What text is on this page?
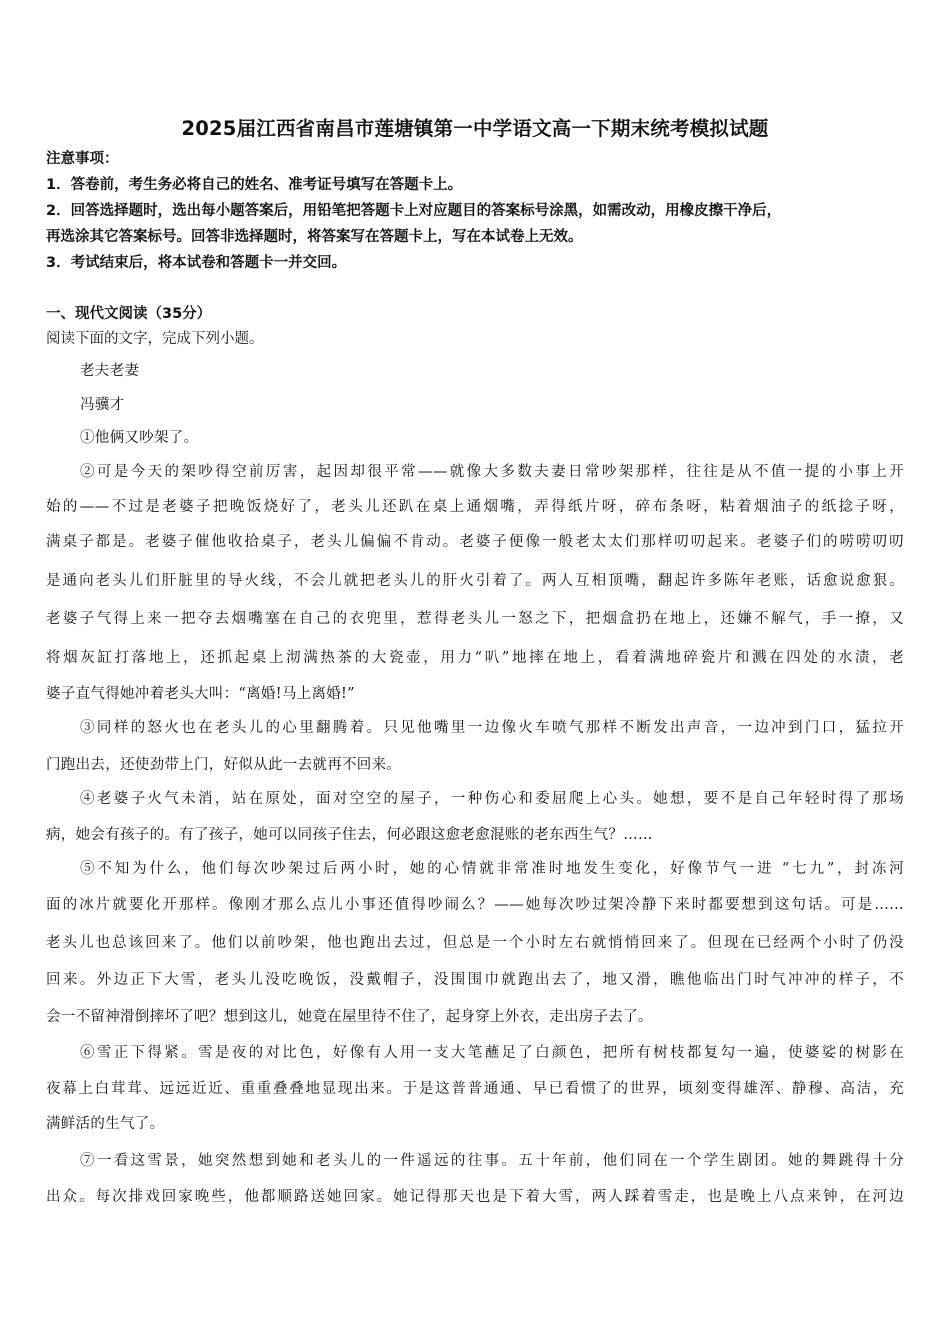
2025届江西省南昌市莲塘镇第一中学语文高一下期末统考模拟试题
注意事项：
1．答卷前，考生务必将自己的姓名、准考证号填写在答题卡上。
2．回答选择题时，选出每小题答案后，用铅笔把答题卡上对应题目的答案标号涂黑，如需改动，用橡皮擦干净后，
再选涂其它答案标号。回答非选择题时，将答案写在答题卡上，写在本试卷上无效。
3．考试结束后，将本试卷和答题卡一并交回。
一、现代文阅读（35分）
阅读下面的文字，完成下列小题。
老夫老妻
冯骥才
①他俩又吵架了。
②可是今天的架吵得空前厉害，起因却很平常——就像大多数夫妻日常吵架那样，往往是从不值一提的小事上开
始的——不过是老婆子把晚饭烧好了，老头儿还趴在桌上通烟嘴，弄得纸片呀，碎布条呀，粘着烟油子的纸捻子呀，
满桌子都是。老婆子催他收拾桌子，老头儿偏偏不肯动。老婆子便像一般老太太们那样叨叨起来。老婆子们的唠唠叨叨
是通向老头儿们肝脏里的导火线，不会儿就把老头儿的肝火引着了。两人互相顶嘴，翻起许多陈年老账，话愈说愈狠。
老婆子气得上来一把夺去烟嘴塞在自己的衣兜里，惹得老头儿一怒之下，把烟盒扔在地上，还嫌不解气，手一撩，又
将烟灰缸打落地上，还抓起桌上沏满热茶的大瓷壶，用力“叭”地摔在地上，看着满地碎瓷片和溅在四处的水渍，老
婆子直气得她冲着老头大叫：“离婚!马上离婚!”
③同样的怒火也在老头儿的心里翻腾着。只见他嘴里一边像火车喷气那样不断发出声音，一边冲到门口，猛拉开
门跑出去，还使劲带上门，好似从此一去就再不回来。
④老婆子火气未消，站在原处，面对空空的屋子，一种伤心和委屈爬上心头。她想，要不是自己年轻时得了那场
病，她会有孩子的。有了孩子，她可以同孩子住去，何必跟这愈老愈混账的老东西生气？……
⑤不知为什么，他们每次吵架过后两小时，她的心情就非常准时地发生变化，好像节气一进 “七九”，封冻河
面的冰片就要化开那样。像刚才那么点儿小事还值得吵闹么？——她每次吵过架冷静下来时都要想到这句话。可是……
老头儿也总该回来了。他们以前吵架，他也跑出去过，但总是一个小时左右就悄悄回来了。但现在已经两个小时了仍没
回来。外边正下大雪，老头儿没吃晚饭，没戴帽子，没围围巾就跑出去了，地又滑，瞧他临出门时气冲冲的样子，不
会一不留神滑倒摔坏了吧？想到这儿，她竟在屋里待不住了，起身穿上外衣，走出房子去了。
⑥雪正下得紧。雪是夜的对比色，好像有人用一支大笔蘸足了白颜色，把所有树枝都复勾一遍，使婆娑的树影在
夜幕上白茸茸、远远近近、重重叠叠地显现出来。于是这普普通通、早已看惯了的世界，顷刻变得雄浑、静穆、高洁，充
满鲜活的生气了。
⑦一看这雪景，她突然想到她和老头儿的一件遥远的往事。五十年前，他们同在一个学生剧团。她的舞跳得十分
出众。每次排戏回家晚些，他都顺路送她回家。她记得那天也是下着大雪，两人踩着雪走，也是晚上八点来钟，在河边
